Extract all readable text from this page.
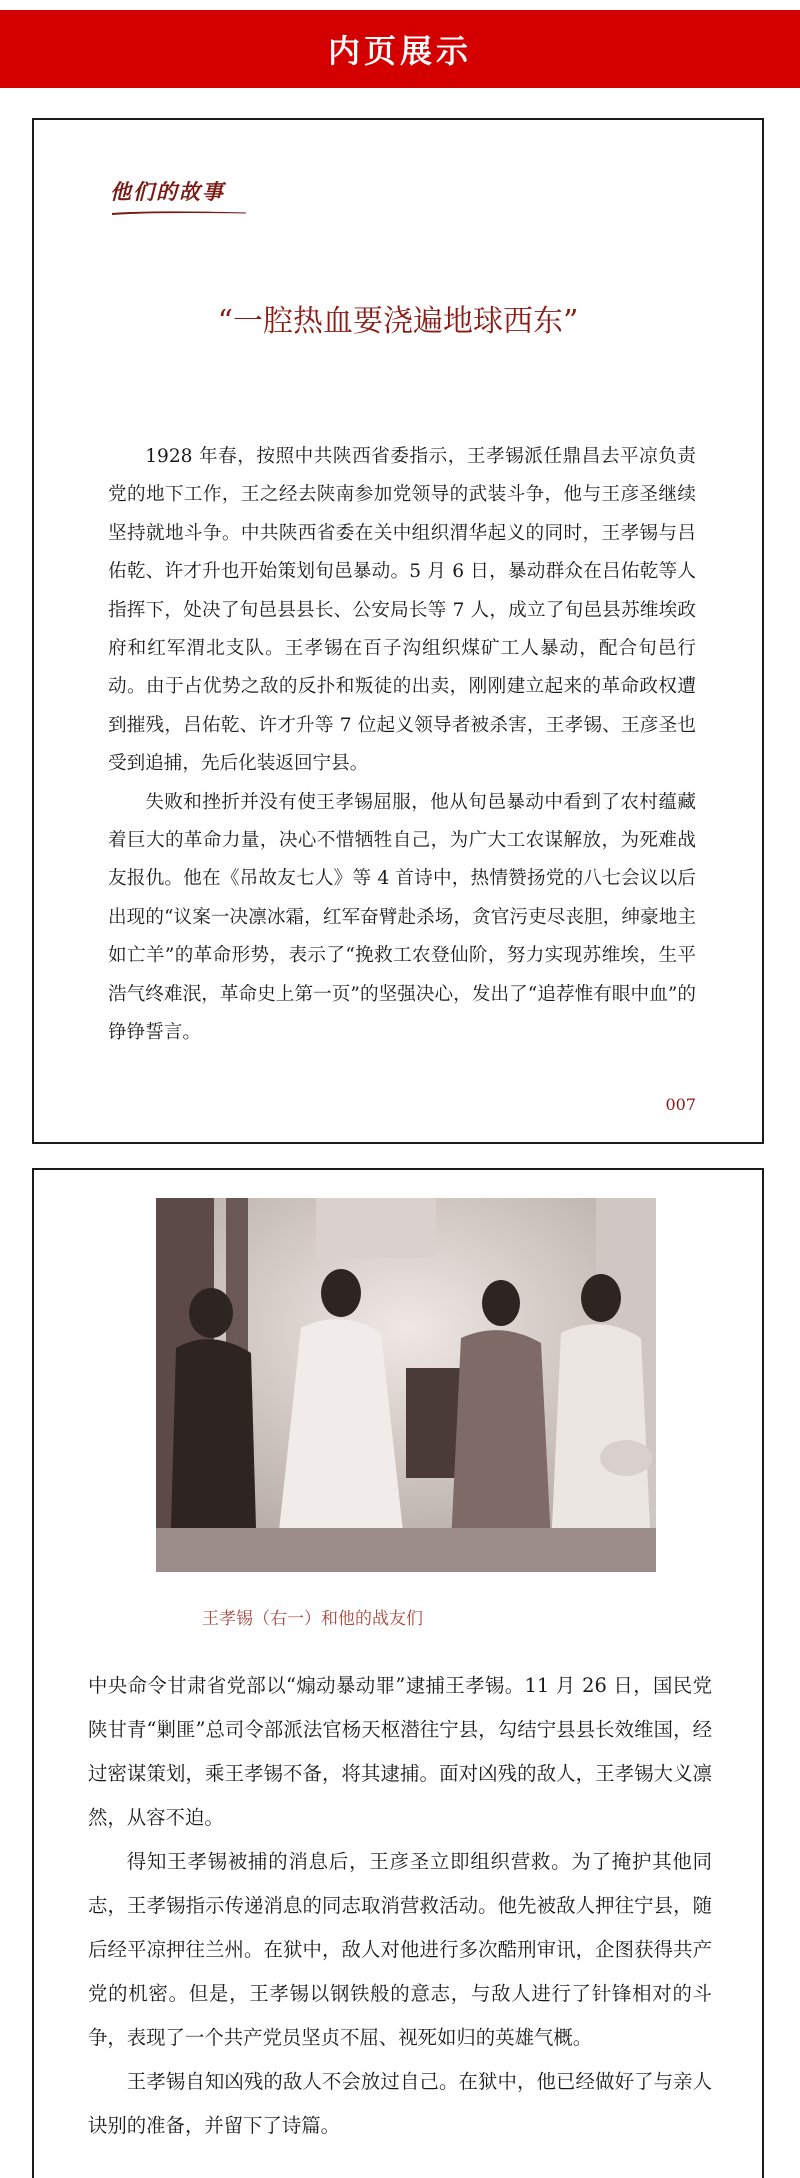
内页展示
他们的故事
“一腔热血要浇遍地球西东”

1928 年春，按照中共陕西省委指示，王孝锡派任鼎昌去平凉负责党的地下工作，王之经去陕南参加党领导的武装斗争，他与王彦圣继续坚持就地斗争。中共陕西省委在关中组织渭华起义的同时，王孝锡与吕佑乾、许才升也开始策划旬邑暴动。5 月 6 日，暴动群众在吕佑乾等人指挥下，处决了旬邑县县长、公安局长等 7 人，成立了旬邑县苏维埃政府和红军渭北支队。王孝锡在百子沟组织煤矿工人暴动，配合旬邑行动。由于占优势之敌的反扑和叛徒的出卖，刚刚建立起来的革命政权遭到摧残，吕佑乾、许才升等 7 位起义领导者被杀害，王孝锡、王彦圣也受到追捕，先后化装返回宁县。

失败和挫折并没有使王孝锡屈服，他从旬邑暴动中看到了农村蕴藏着巨大的革命力量，决心不惜牺牲自己，为广大工农谋解放，为死难战友报仇。他在《吊故友七人》等 4 首诗中，热情赞扬党的八七会议以后出现的“议案一决凛冰霜，红军奋臂赴杀场，贪官污吏尽丧胆，绅豪地主如亡羊”的革命形势，表示了“挽救工农登仙阶，努力实现苏维埃，生平浩气终难泯，革命史上第一页”的坚强决心，发出了“追荐惟有眼中血”的铮铮誓言。

007
王孝锡（右一）和他的战友们

中央命令甘肃省党部以“煽动暴动罪”逮捕王孝锡。11 月 26 日，国民党陕甘青“剿匪”总司令部派法官杨天枢潜往宁县，勾结宁县县长效维国，经过密谋策划，乘王孝锡不备，将其逮捕。面对凶残的敌人，王孝锡大义凛然，从容不迫。

得知王孝锡被捕的消息后，王彦圣立即组织营救。为了掩护其他同志，王孝锡指示传递消息的同志取消营救活动。他先被敌人押往宁县，随后经平凉押往兰州。在狱中，敌人对他进行多次酷刑审讯，企图获得共产党的机密。但是，王孝锡以钢铁般的意志，与敌人进行了针锋相对的斗争，表现了一个共产党员坚贞不屈、视死如归的英雄气概。

王孝锡自知凶残的敌人不会放过自己。在狱中，他已经做好了与亲人诀别的准备，并留下了诗篇。
